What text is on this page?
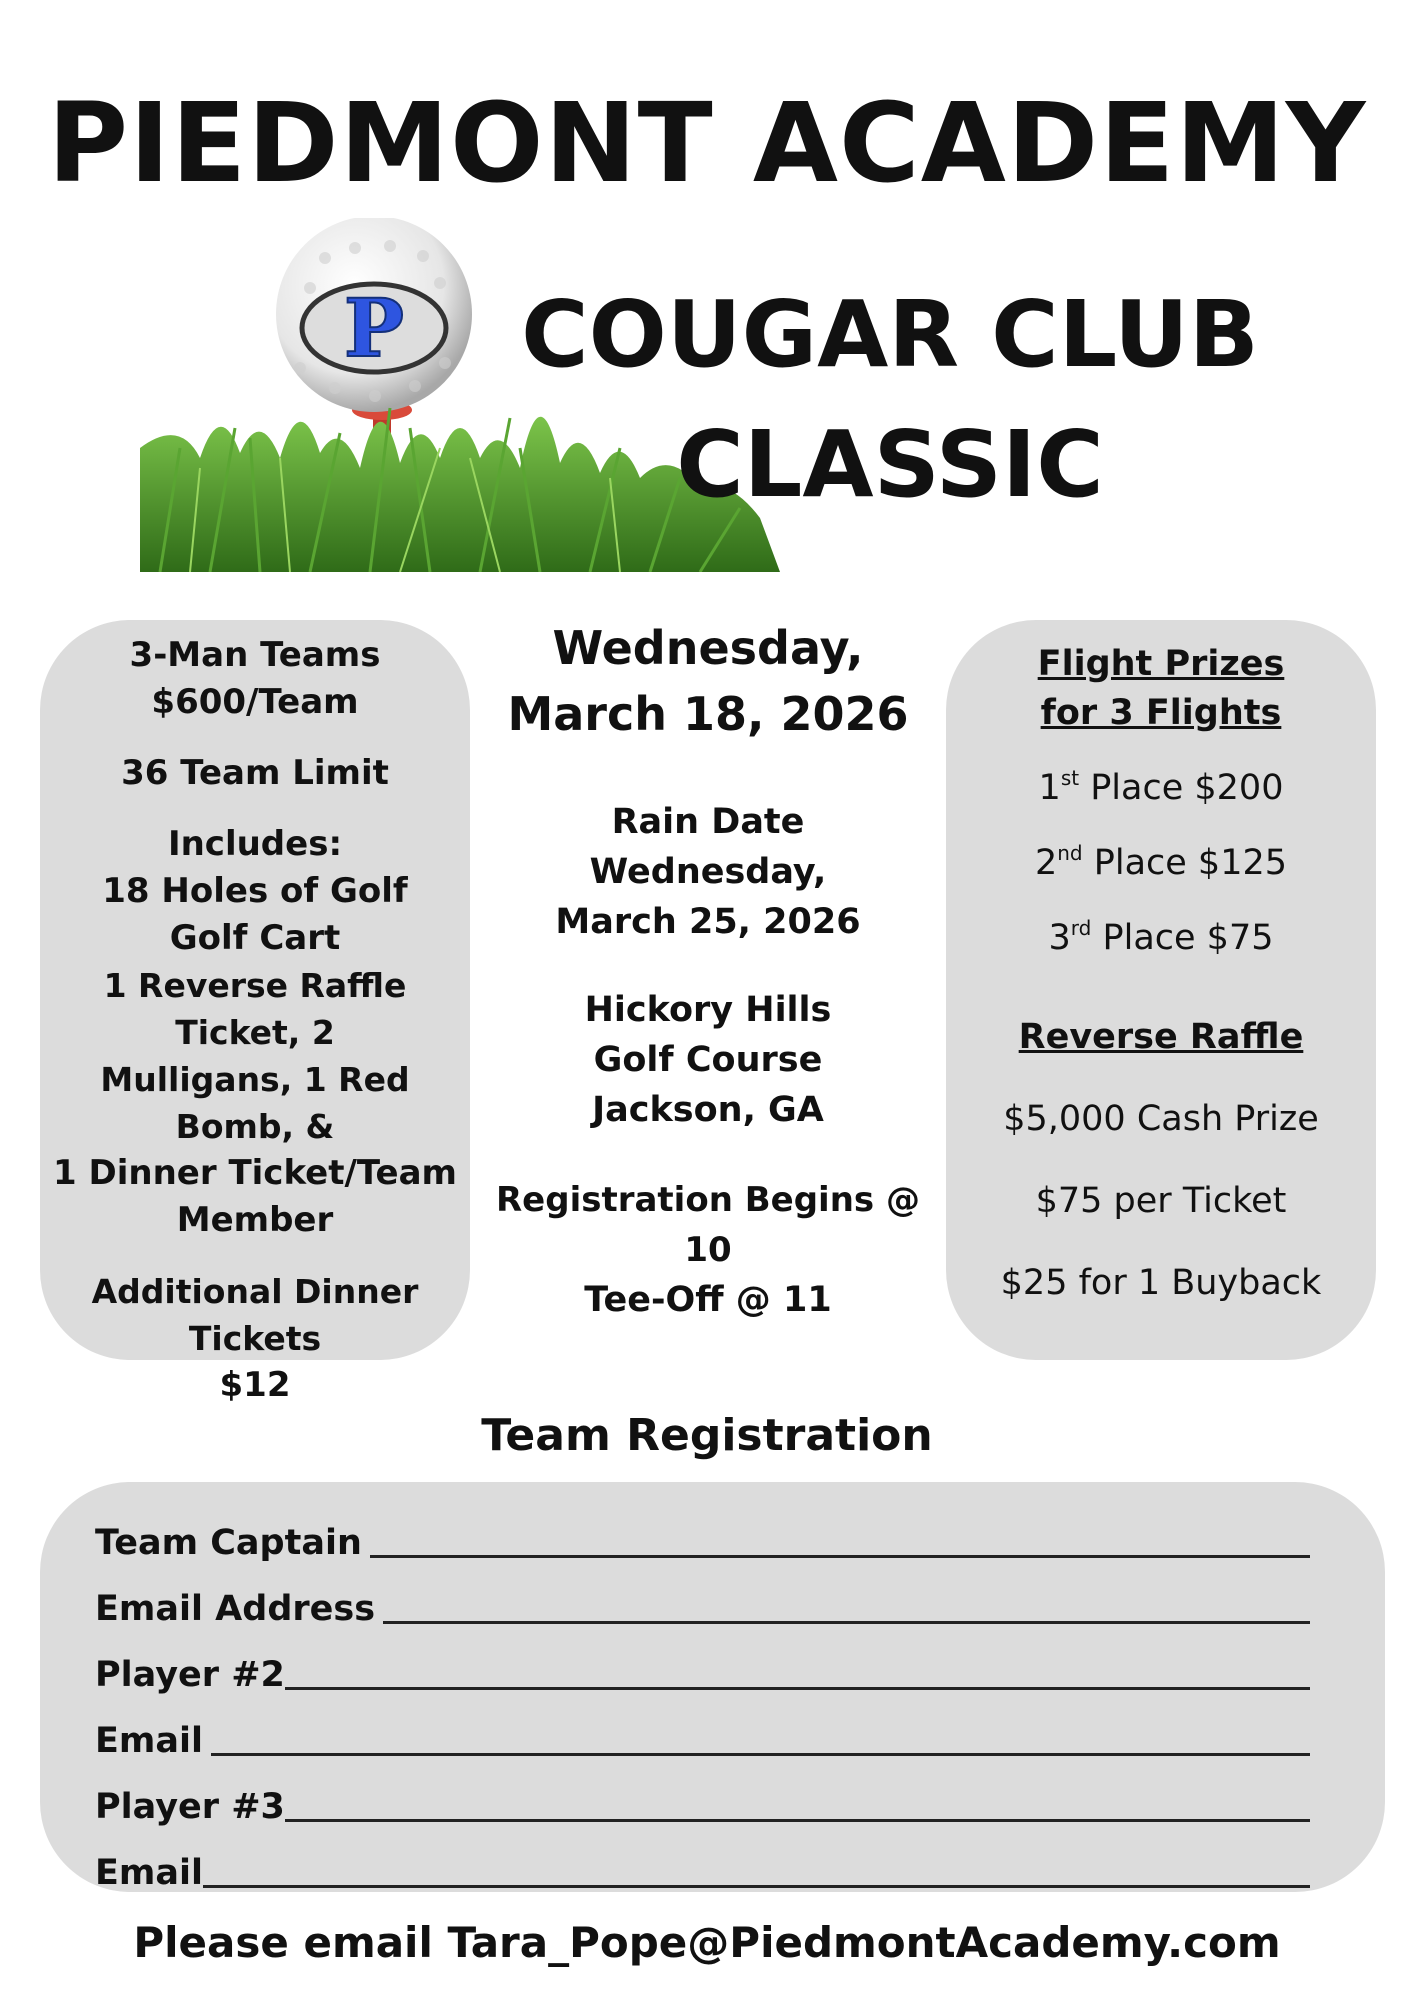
PIEDMONT ACADEMY
P COUGAR CLUB
CLASSIC
3-Man Teams
$600/Team
36 Team Limit
Includes:
18 Holes of Golf
Golf Cart
1 Reverse Raffle Ticket, 2
Mulligans, 1 Red Bomb, &
1 Dinner Ticket/Team
Member
Additional Dinner Tickets
$12
Wednesday,
March 18, 2026
Rain Date
Wednesday,
March 25, 2026
Hickory Hills
Golf Course
Jackson, GA
Registration Begins @ 10
Tee-Off @ 11
Flight Prizes
for 3 Flights
1st Place $200
2nd Place $125
3rd Place $75
Reverse Raffle
$5,000 Cash Prize
$75 per Ticket
$25 for 1 Buyback
Team Registration
Team Captain
Email Address
Player #2
Email
Player #3
Email

Please email Tara_Pope@PiedmontAcademy.com
